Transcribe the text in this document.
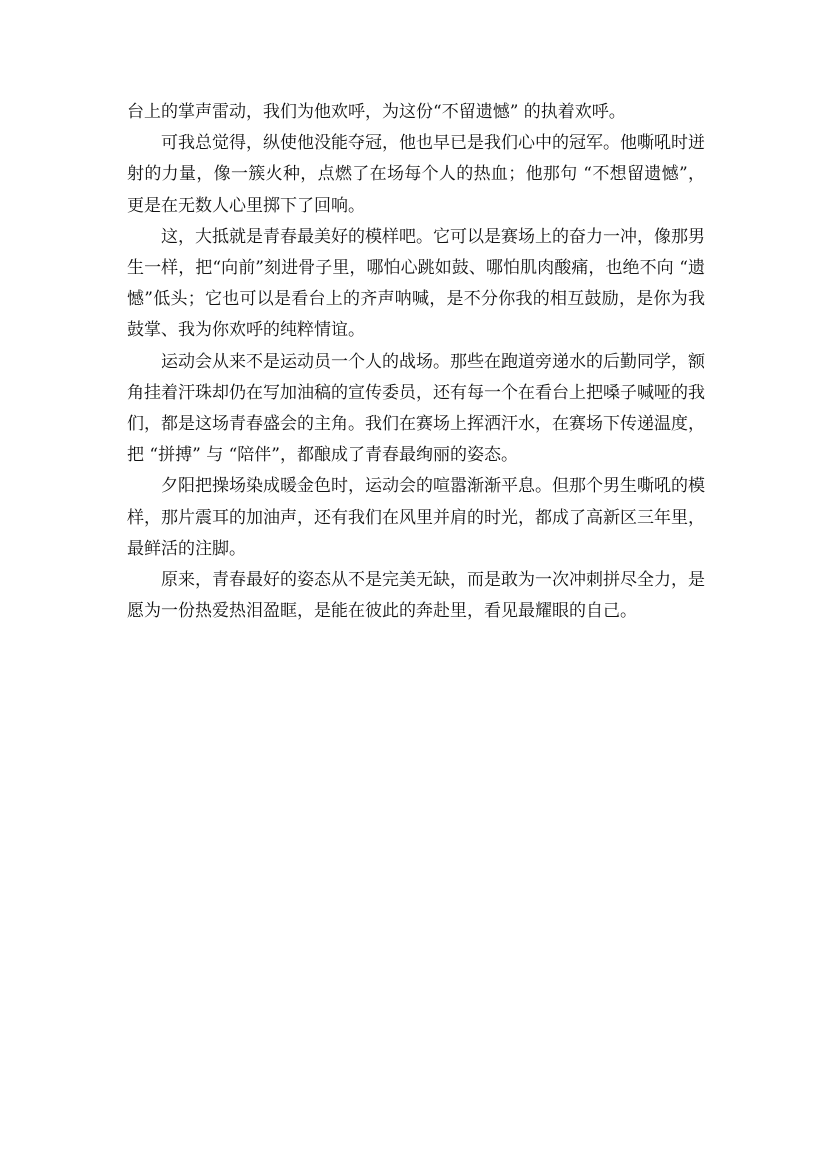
台上的掌声雷动，我们为他欢呼，为这份“不留遗憾” 的执着欢呼。

可我总觉得，纵使他没能夺冠，他也早已是我们心中的冠军。他嘶吼时迸射的力量，像一簇火种，点燃了在场每个人的热血；他那句 “不想留遗憾”，更是在无数人心里掷下了回响。

这，大抵就是青春最美好的模样吧。它可以是赛场上的奋力一冲，像那男生一样，把“向前”刻进骨子里，哪怕心跳如鼓、哪怕肌肉酸痛，也绝不向 “遗憾”低头；它也可以是看台上的齐声呐喊，是不分你我的相互鼓励，是你为我鼓掌、我为你欢呼的纯粹情谊。

运动会从来不是运动员一个人的战场。那些在跑道旁递水的后勤同学，额角挂着汗珠却仍在写加油稿的宣传委员，还有每一个在看台上把嗓子喊哑的我们，都是这场青春盛会的主角。我们在赛场上挥洒汗水，在赛场下传递温度，把 “拼搏” 与 “陪伴”，都酿成了青春最绚丽的姿态。

夕阳把操场染成暖金色时，运动会的喧嚣渐渐平息。但那个男生嘶吼的模样，那片震耳的加油声，还有我们在风里并肩的时光，都成了高新区三年里，最鲜活的注脚。

原来，青春最好的姿态从不是完美无缺，而是敢为一次冲刺拼尽全力，是愿为一份热爱热泪盈眶，是能在彼此的奔赴里，看见最耀眼的自己。
